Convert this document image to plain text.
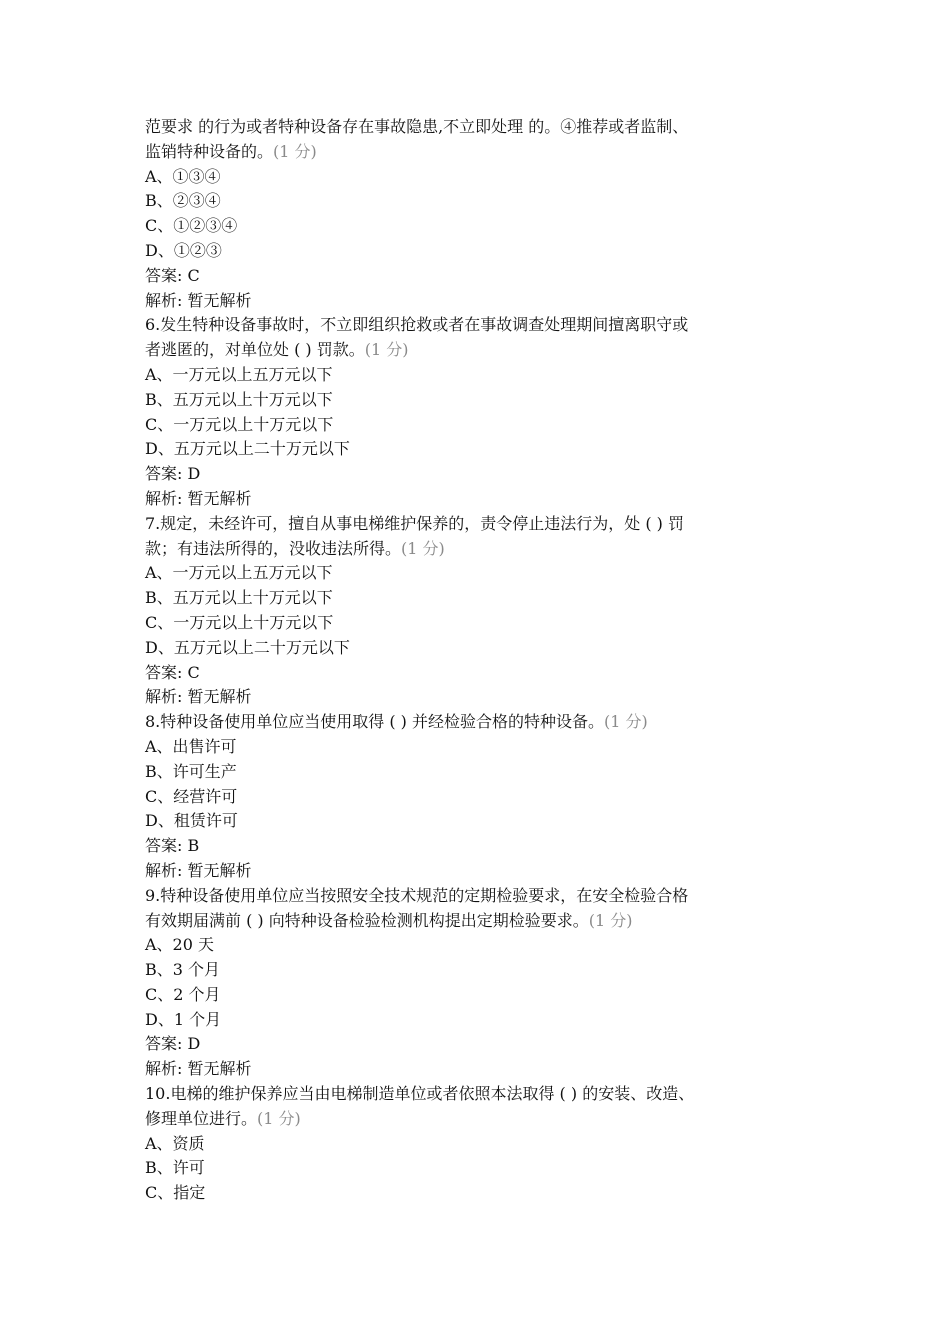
范要求 的行为或者特种设备存在事故隐患,不立即处理 的。④推荐或者监制、
监销特种设备的。(1 分)
A、①③④
B、②③④
C、①②③④
D、①②③
答案: C
解析: 暂无解析
6.发生特种设备事故时，不立即组织抢救或者在事故调查处理期间擅离职守或
者逃匿的，对单位处 ( ) 罚款。(1 分)
A、一万元以上五万元以下
B、五万元以上十万元以下
C、一万元以上十万元以下
D、五万元以上二十万元以下
答案: D
解析: 暂无解析
7.规定，未经许可，擅自从事电梯维护保养的，责令停止违法行为，处 ( ) 罚
款；有违法所得的，没收违法所得。(1 分)
A、一万元以上五万元以下
B、五万元以上十万元以下
C、一万元以上十万元以下
D、五万元以上二十万元以下
答案: C
解析: 暂无解析
8.特种设备使用单位应当使用取得 ( ) 并经检验合格的特种设备。(1 分)
A、出售许可
B、许可生产
C、经营许可
D、租赁许可
答案: B
解析: 暂无解析
9.特种设备使用单位应当按照安全技术规范的定期检验要求，在安全检验合格
有效期届满前 ( ) 向特种设备检验检测机构提出定期检验要求。(1 分)
A、20 天
B、3 个月
C、2 个月
D、1 个月
答案: D
解析: 暂无解析
10.电梯的维护保养应当由电梯制造单位或者依照本法取得 ( ) 的安装、改造、
修理单位进行。(1 分)
A、资质
B、许可
C、指定
